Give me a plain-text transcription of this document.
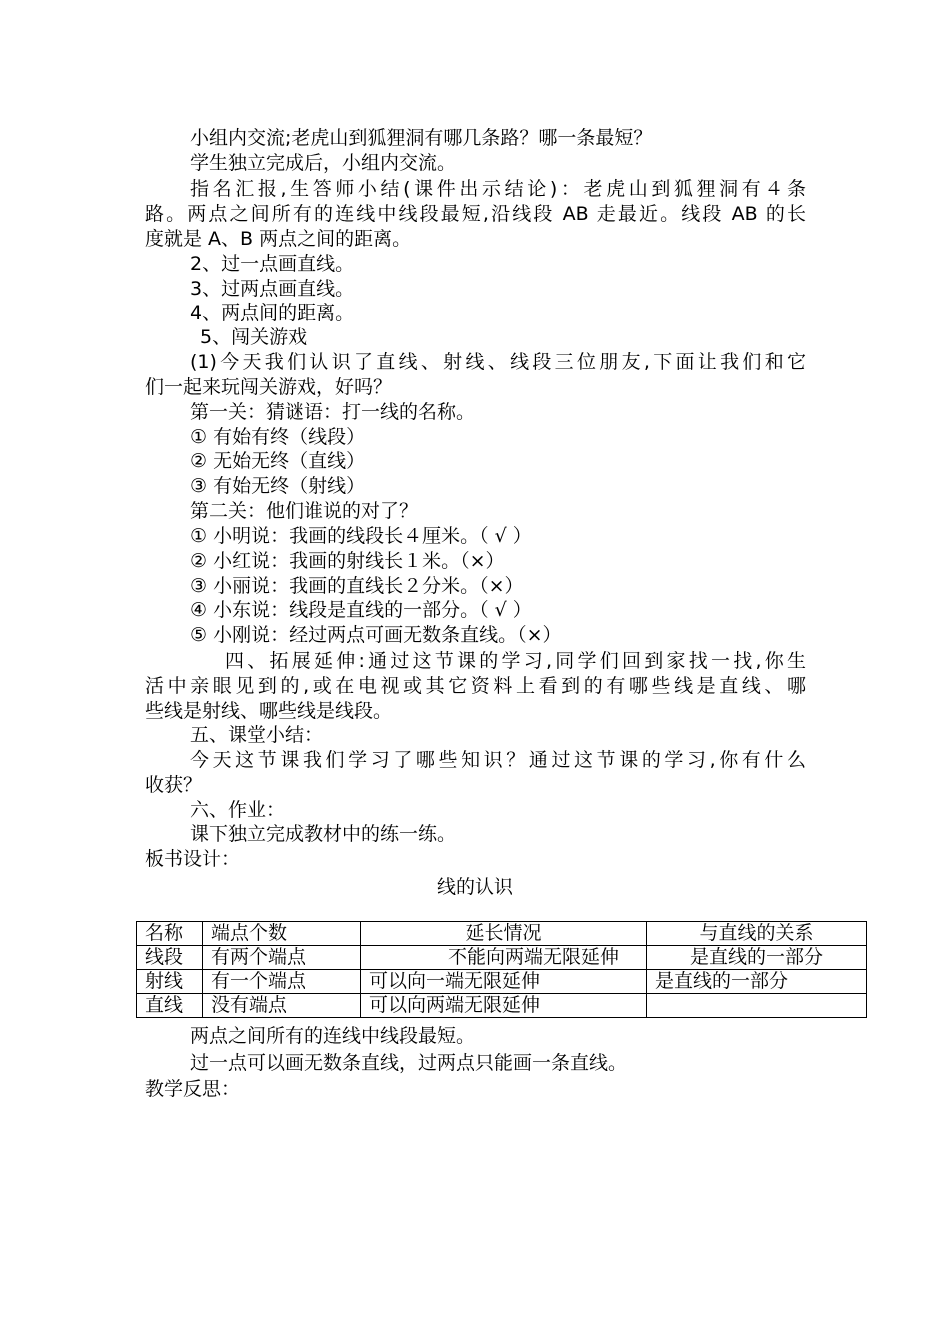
小组内交流;老虎山到狐狸洞有哪几条路？哪一条最短？
学生独立完成后，小组内交流。
指名汇报,生答师小结(课件出示结论)：老虎山到狐狸洞有４条
路。两点之间所有的连线中线段最短,沿线段 AB 走最近。线段 AB 的长
度就是 A、B 两点之间的距离。
2、过一点画直线。
3、过两点画直线。
4、两点间的距离。
5、闯关游戏
(1)今天我们认识了直线、射线、线段三位朋友,下面让我们和它
们一起来玩闯关游戏，好吗？
第一关：猜谜语：打一线的名称。
① 有始有终（线段）
② 无始无终（直线）
③ 有始无终（射线）
第二关：他们谁说的对了？
① 小明说：我画的线段长４厘米。（ √ ）
② 小红说：我画的射线长１米。（×）
③ 小丽说：我画的直线长２分米。（×）
④ 小东说：线段是直线的一部分。（ √ ）
⑤ 小刚说：经过两点可画无数条直线。（×）
四、拓展延伸:通过这节课的学习,同学们回到家找一找,你生
活中亲眼见到的,或在电视或其它资料上看到的有哪些线是直线、哪
些线是射线、哪些线是线段。
五、课堂小结：
今天这节课我们学习了哪些知识？通过这节课的学习,你有什么
收获？
六、作业：
课下独立完成教材中的练一练。
板书设计：
线的认识
名称	端点个数	延长情况	与直线的关系
线段	有两个端点	不能向两端无限延伸	是直线的一部分
射线	有一个端点	可以向一端无限延伸	是直线的一部分
直线	没有端点	可以向两端无限延伸	
两点之间所有的连线中线段最短。
过一点可以画无数条直线，过两点只能画一条直线。
教学反思：
